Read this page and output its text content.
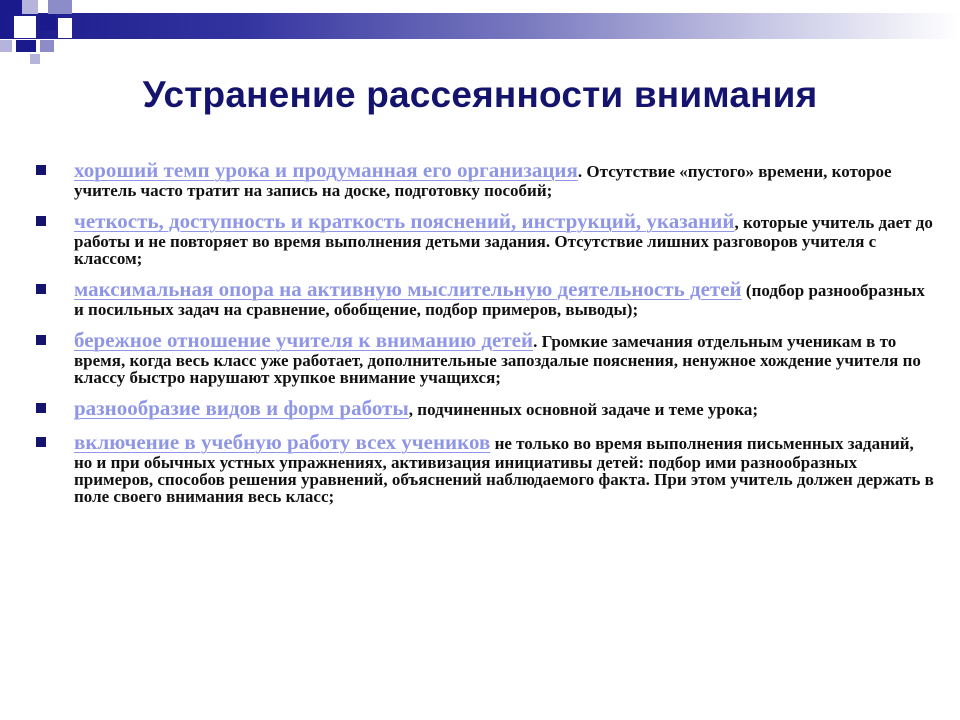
Устранение рассеянности внимания
хороший темп урока и продуманная его организация. Отсутствие «пустого» времени, которое учитель часто тратит на запись на доске, подготовку пособий;
четкость, доступность и краткость пояснений, инструкций, указаний, которые учитель дает до работы и не повторяет во время выполнения детьми задания. Отсутствие лишних разговоров учителя с классом;
максимальная опора на активную мыслительную деятельность детей (подбор разнообразных и посильных задач на сравнение, обобщение, подбор примеров, выводы);
бережное отношение учителя к вниманию детей. Громкие замечания отдельным ученикам в то время, когда весь класс уже работает, дополнительные запоздалые пояснения, ненужное хождение учителя по классу быстро нарушают хрупкое внимание учащихся;
разнообразие видов и форм работы, подчиненных основной задаче и теме урока;
включение в учебную работу всех учеников не только во время выполнения письменных заданий, но и при обычных устных упражнениях, активизация инициативы детей: подбор ими разнообразных примеров, способов решения уравнений, объяснений наблюдаемого факта. При этом учитель должен держать в поле своего внимания весь класс;
